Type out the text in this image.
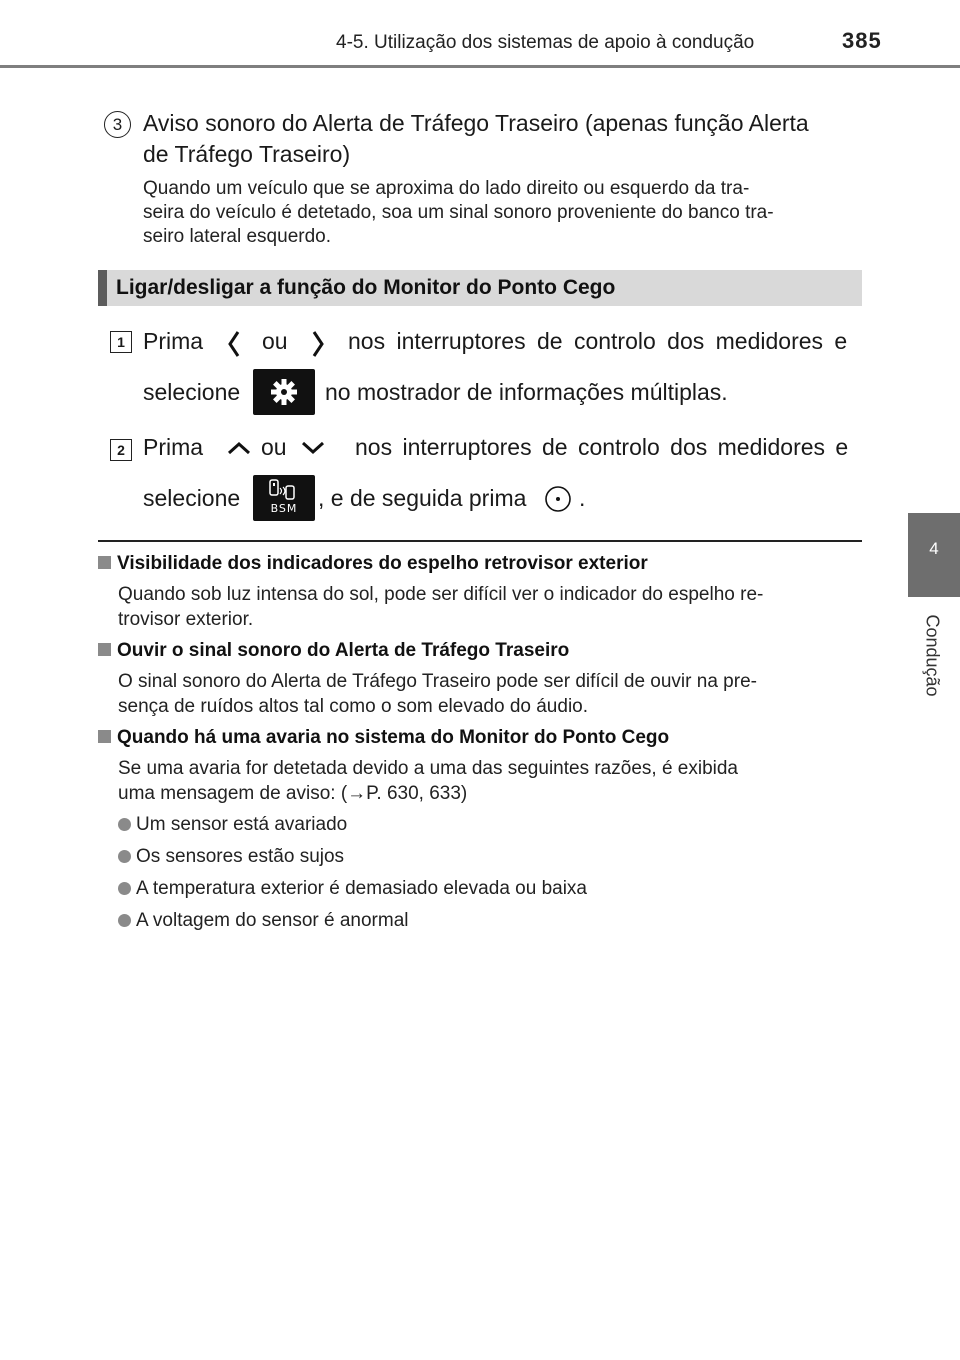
4-5. Utilização dos sistemas de apoio à condução	385
4
Condução
3 Aviso sonoro do Alerta de Tráfego Traseiro (apenas função Alerta
de Tráfego Traseiro)
Quando um veículo que se aproxima do lado direito ou esquerdo da tra-
seira do veículo é detetado, soa um sinal sonoro proveniente do banco tra-
seiro lateral esquerdo.
Ligar/desligar a função do Monitor do Ponto Cego
1 Prima	ou	nos interruptores de controlo dos medidores e
selecione	no mostrador de informações múltiplas.
2 Prima	ou	nos interruptores de controlo dos medidores e
selecione	BSM , e de seguida prima .
Visibilidade dos indicadores do espelho retrovisor exterior
Quando sob luz intensa do sol, pode ser difícil ver o indicador do espelho re-
trovisor exterior.
Ouvir o sinal sonoro do Alerta de Tráfego Traseiro
O sinal sonoro do Alerta de Tráfego Traseiro pode ser difícil de ouvir na pre-
sença de ruídos altos tal como o som elevado do áudio.
Quando há uma avaria no sistema do Monitor do Ponto Cego
Se uma avaria for detetada devido a uma das seguintes razões, é exibida
uma mensagem de aviso: (→P. 630, 633)
Um sensor está avariado
Os sensores estão sujos
A temperatura exterior é demasiado elevada ou baixa
A voltagem do sensor é anormal
